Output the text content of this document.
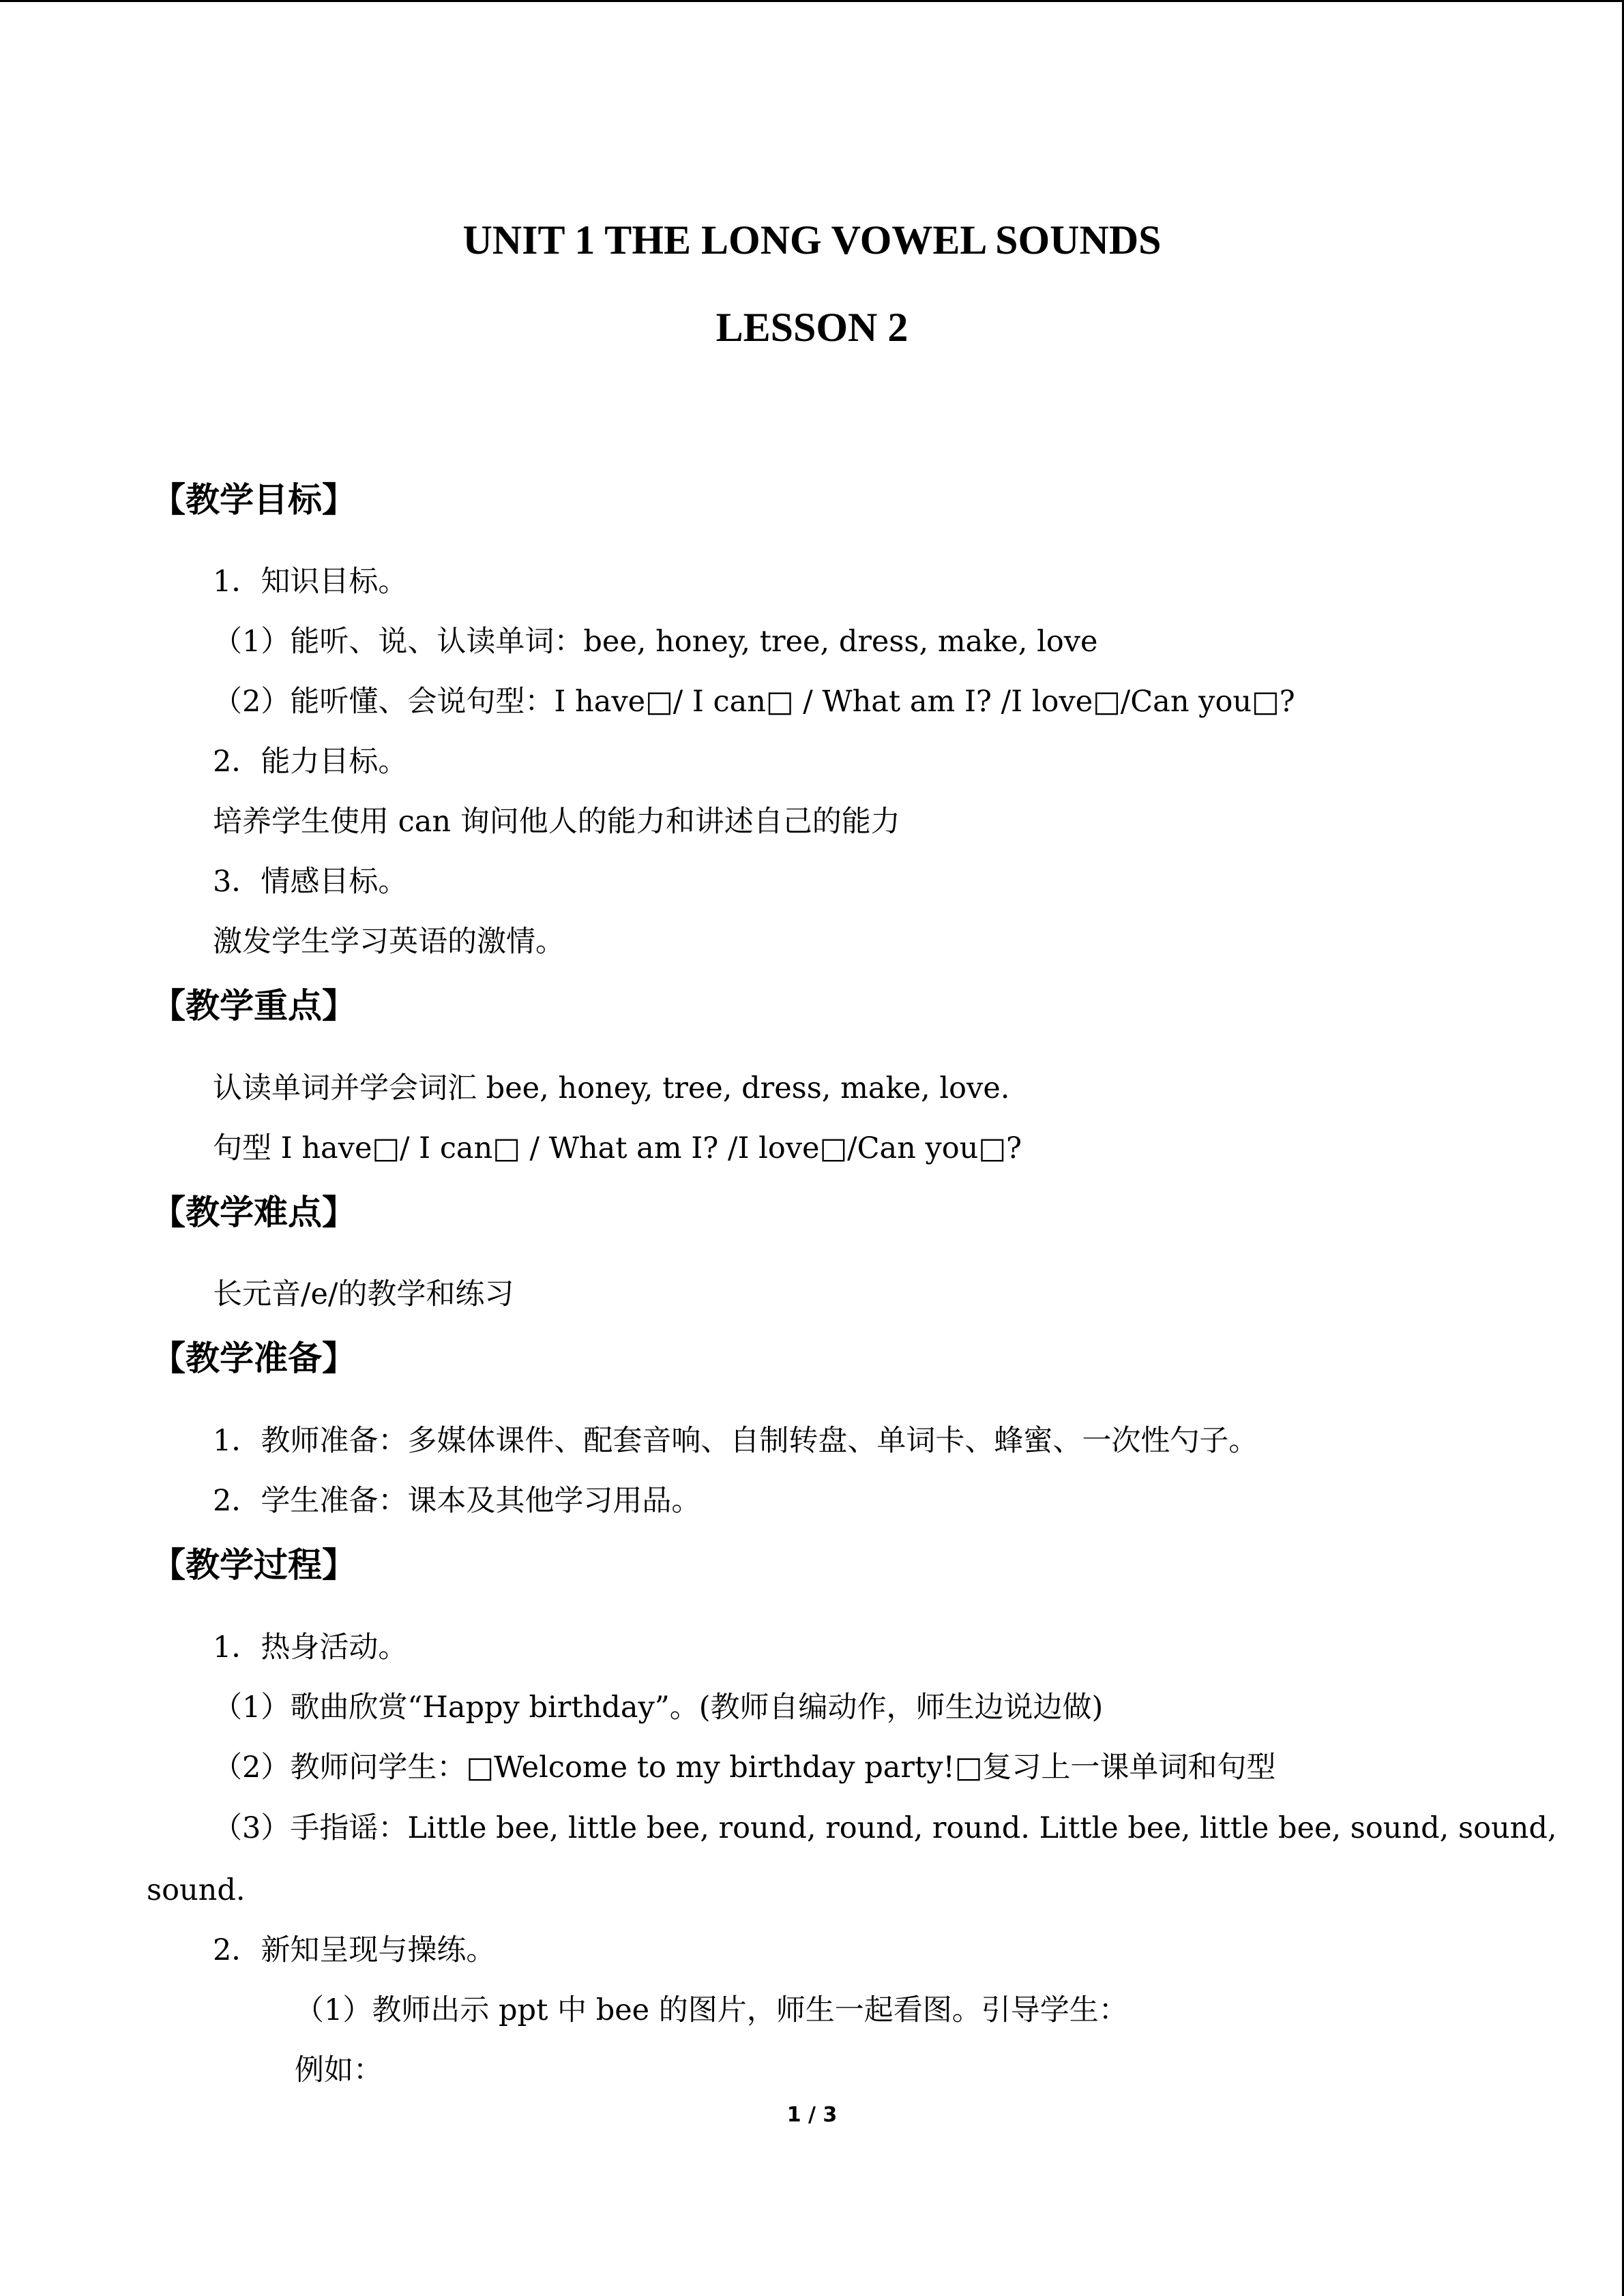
UNIT 1 THE LONG VOWEL SOUNDS
LESSON 2
【教学目标】
1．知识目标。
（1）能听、说、认读单词：bee, honey, tree, dress, make, love
（2）能听懂、会说句型：I have□/ I can□ / What am I? /I love□/Can you□?
2．能力目标。
培养学生使用 can 询问他人的能力和讲述自己的能力
3．情感目标。
激发学生学习英语的激情。
【教学重点】
认读单词并学会词汇 bee, honey, tree, dress, make, love.
句型 I have□/ I can□ / What am I? /I love□/Can you□?
【教学难点】
长元音/e/的教学和练习
【教学准备】
1．教师准备：多媒体课件、配套音响、自制转盘、单词卡、蜂蜜、一次性勺子。
2．学生准备：课本及其他学习用品。
【教学过程】
1．热身活动。
（1）歌曲欣赏“Happy birthday”。(教师自编动作，师生边说边做)
（2）教师问学生：□Welcome to my birthday party!□复习上一课单词和句型
（3）手指谣：Little bee, little bee, round, round, round. Little bee, little bee, sound, sound,
sound.
2．新知呈现与操练。
（1）教师出示 ppt 中 bee 的图片，师生一起看图。引导学生：
例如：
1 / 3
